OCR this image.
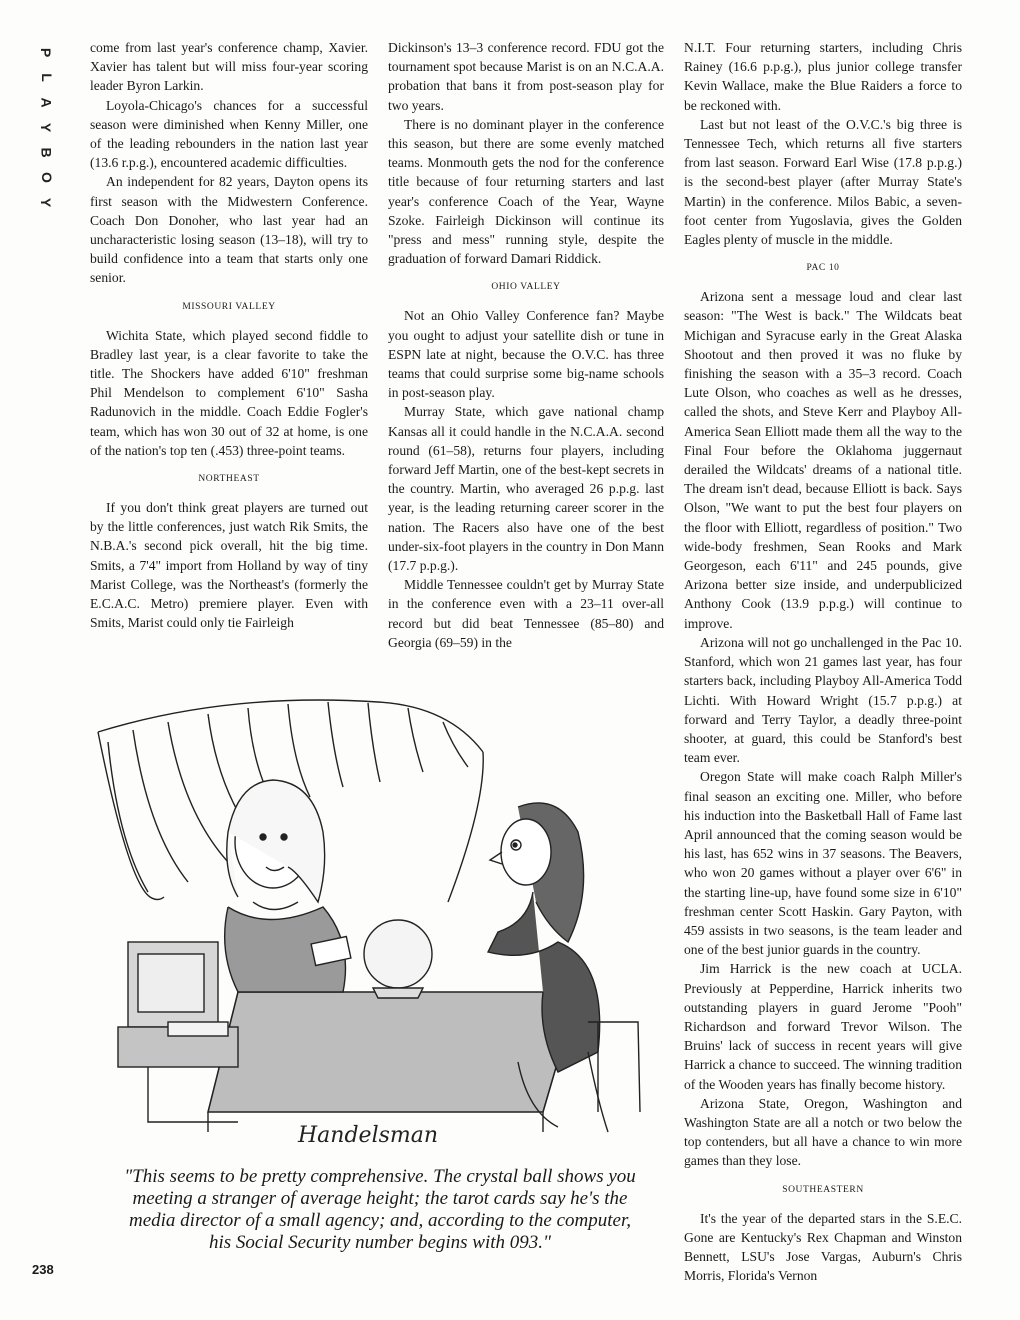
P
L
A
Y
B
O
Y
238

come from last year's conference champ, Xavier. Xavier has talent but will miss four-year scoring leader Byron Larkin.

Loyola-Chicago's chances for a successful season were diminished when Kenny Miller, one of the leading rebounders in the nation last year (13.6 r.p.g.), encountered academic difficulties.

An independent for 82 years, Dayton opens its first season with the Midwestern Conference. Coach Don Donoher, who last year had an uncharacteristic losing season (13–18), will try to build confidence into a team that starts only one senior.

MISSOURI VALLEY

Wichita State, which played second fiddle to Bradley last year, is a clear favorite to take the title. The Shockers have added 6'10" freshman Phil Mendelson to complement 6'10" Sasha Radunovich in the middle. Coach Eddie Fogler's team, which has won 30 out of 32 at home, is one of the nation's top ten (.453) three-point teams.

NORTHEAST

If you don't think great players are turned out by the little conferences, just watch Rik Smits, the N.B.A.'s second pick overall, hit the big time. Smits, a 7'4" import from Holland by way of tiny Marist College, was the Northeast's (formerly the E.C.A.C. Metro) premiere player. Even with Smits, Marist could only tie Fairleigh

Dickinson's 13–3 conference record. FDU got the tournament spot because Marist is on an N.C.A.A. probation that bans it from post-season play for two years.

There is no dominant player in the conference this season, but there are some evenly matched teams. Monmouth gets the nod for the conference title because of four returning starters and last year's conference Coach of the Year, Wayne Szoke. Fairleigh Dickinson will continue its "press and mess" running style, despite the graduation of forward Damari Riddick.

OHIO VALLEY

Not an Ohio Valley Conference fan? Maybe you ought to adjust your satellite dish or tune in ESPN late at night, because the O.V.C. has three teams that could surprise some big-name schools in post-season play.

Murray State, which gave national champ Kansas all it could handle in the N.C.A.A. second round (61–58), returns four players, including forward Jeff Martin, one of the best-kept secrets in the country. Martin, who averaged 26 p.p.g. last year, is the leading returning career scorer in the nation. The Racers also have one of the best under-six-foot players in the country in Don Mann (17.7 p.p.g.).

Middle Tennessee couldn't get by Murray State in the conference even with a 23–11 over-all record but did beat Tennessee (85–80) and Georgia (69–59) in the

N.I.T. Four returning starters, including Chris Rainey (16.6 p.p.g.), plus junior college transfer Kevin Wallace, make the Blue Raiders a force to be reckoned with.

Last but not least of the O.V.C.'s big three is Tennessee Tech, which returns all five starters from last season. Forward Earl Wise (17.8 p.p.g.) is the second-best player (after Murray State's Martin) in the conference. Milos Babic, a seven-foot center from Yugoslavia, gives the Golden Eagles plenty of muscle in the middle.

PAC 10

Arizona sent a message loud and clear last season: "The West is back." The Wildcats beat Michigan and Syracuse early in the Great Alaska Shootout and then proved it was no fluke by finishing the season with a 35–3 record. Coach Lute Olson, who coaches as well as he dresses, called the shots, and Steve Kerr and Playboy All-America Sean Elliott made them all the way to the Final Four before the Oklahoma juggernaut derailed the Wildcats' dreams of a national title. The dream isn't dead, because Elliott is back. Says Olson, "We want to put the best four players on the floor with Elliott, regardless of position." Two wide-body freshmen, Sean Rooks and Mark Georgeson, each 6'11" and 245 pounds, give Arizona better size inside, and underpublicized Anthony Cook (13.9 p.p.g.) will continue to improve.

Arizona will not go unchallenged in the Pac 10. Stanford, which won 21 games last year, has four starters back, including Playboy All-America Todd Lichti. With Howard Wright (15.7 p.p.g.) at forward and Terry Taylor, a deadly three-point shooter, at guard, this could be Stanford's best team ever.

Oregon State will make coach Ralph Miller's final season an exciting one. Miller, who before his induction into the Basketball Hall of Fame last April announced that the coming season would be his last, has 652 wins in 37 seasons. The Beavers, who won 20 games without a player over 6'6" in the starting line-up, have found some size in 6'10" freshman center Scott Haskin. Gary Payton, with 459 assists in two seasons, is the team leader and one of the best junior guards in the country.

Jim Harrick is the new coach at UCLA. Previously at Pepperdine, Harrick inherits two outstanding players in guard Jerome "Pooh" Richardson and forward Trevor Wilson. The Bruins' lack of success in recent years will give Harrick a chance to succeed. The winning tradition of the Wooden years has finally become history.

Arizona State, Oregon, Washington and Washington State are all a notch or two below the top contenders, but all have a chance to win more games than they lose.

SOUTHEASTERN

It's the year of the departed stars in the S.E.C. Gone are Kentucky's Rex Chapman and Winston Bennett, LSU's Jose Vargas, Auburn's Chris Morris, Florida's Vernon

Handelsman
"This seems to be pretty comprehensive. The crystal ball shows you meeting a stranger of average height; the tarot cards say he's the media director of a small agency; and, according to the computer, his Social Security number begins with 093."
